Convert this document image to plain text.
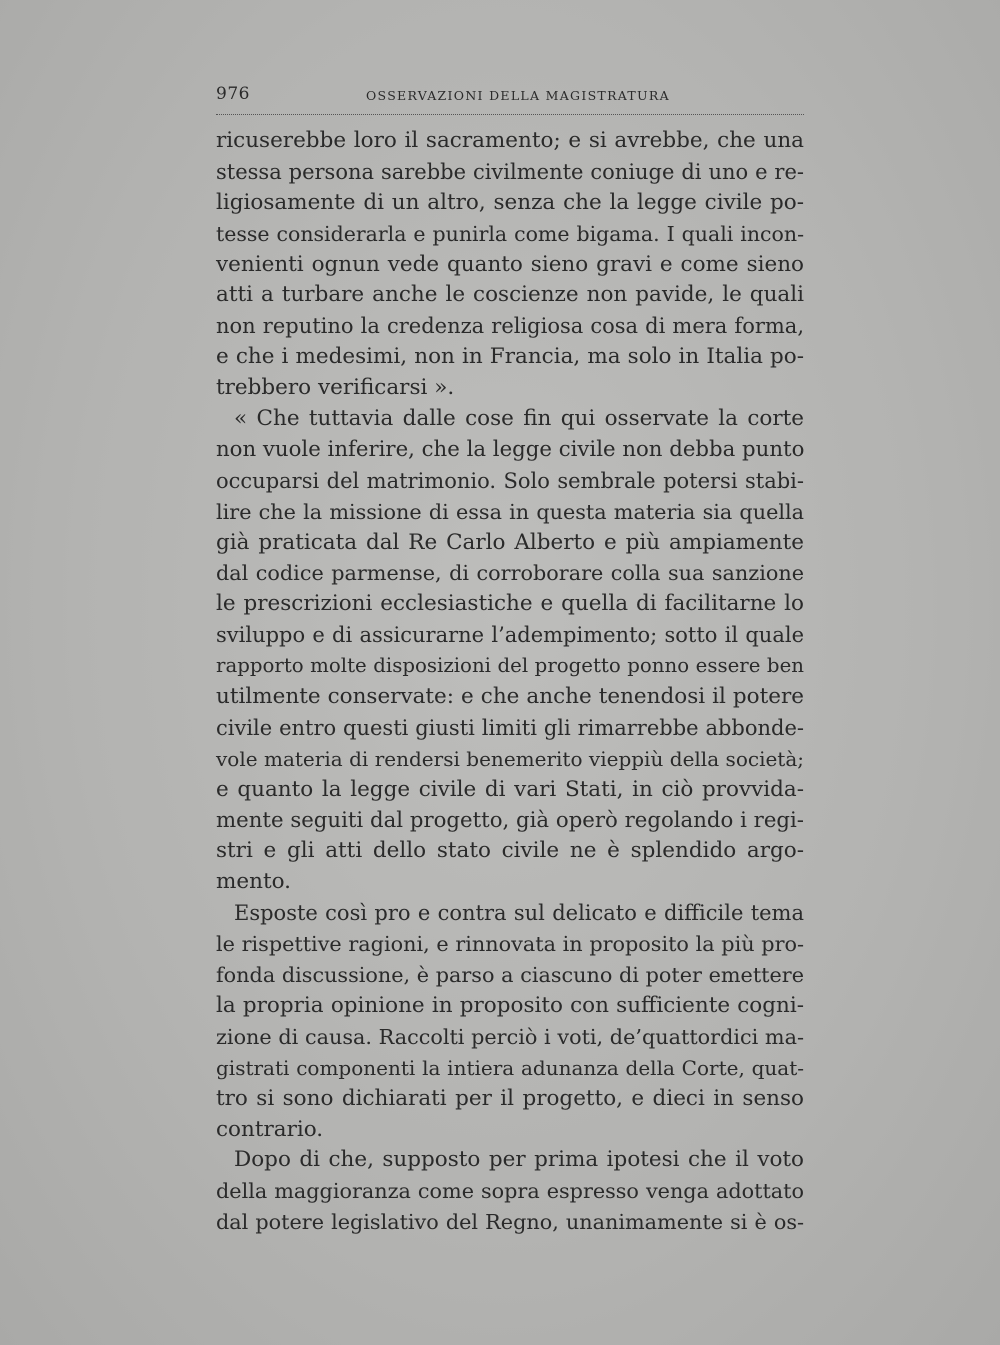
976	OSSERVAZIONI DELLA MAGISTRATURA
ricuserebbe loro il sacramento; e si avrebbe, che una
stessa persona sarebbe civilmente coniuge di uno e re-
ligiosamente di un altro, senza che la legge civile po-
tesse considerarla e punirla come bigama. I quali incon-
venienti ognun vede quanto sieno gravi e come sieno
atti a turbare anche le coscienze non pavide, le quali
non reputino la credenza religiosa cosa di mera forma,
e che i medesimi, non in Francia, ma solo in Italia po-
trebbero verificarsi ».
« Che tuttavia dalle cose fin qui osservate la corte
non vuole inferire, che la legge civile non debba punto
occuparsi del matrimonio. Solo sembrale potersi stabi-
lire che la missione di essa in questa materia sia quella
già praticata dal Re Carlo Alberto e più ampiamente
dal codice parmense, di corroborare colla sua sanzione
le prescrizioni ecclesiastiche e quella di facilitarne lo
sviluppo e di assicurarne l’adempimento; sotto il quale
rapporto molte disposizioni del progetto ponno essere ben
utilmente conservate: e che anche tenendosi il potere
civile entro questi giusti limiti gli rimarrebbe abbonde-
vole materia di rendersi benemerito vieppiù della società;
e quanto la legge civile di vari Stati, in ciò provvida-
mente seguiti dal progetto, già operò regolando i regi-
stri e gli atti dello stato civile ne è splendido argo-
mento.
Esposte così pro e contra sul delicato e difficile tema
le rispettive ragioni, e rinnovata in proposito la più pro-
fonda discussione, è parso a ciascuno di poter emettere
la propria opinione in proposito con sufficiente cogni-
zione di causa. Raccolti perciò i voti, de’quattordici ma-
gistrati componenti la intiera adunanza della Corte, quat-
tro si sono dichiarati per il progetto, e dieci in senso
contrario.
Dopo di che, supposto per prima ipotesi che il voto
della maggioranza come sopra espresso venga adottato
dal potere legislativo del Regno, unanimamente si è os-
